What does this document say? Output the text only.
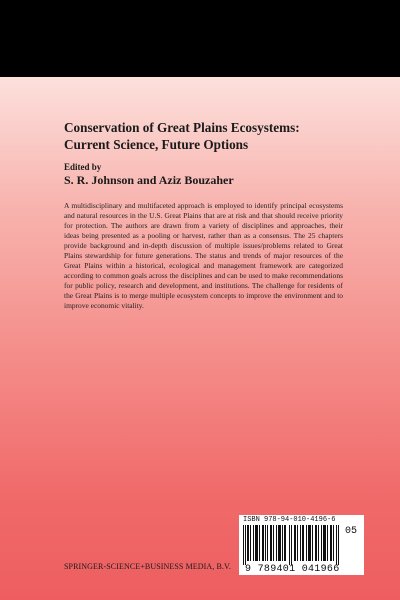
Conservation of Great Plains Ecosystems:
Current Science, Future Options
Edited by
S. R. Johnson and Aziz Bouzaher

A multidisciplinary and multifaceted approach is employed to identify principal ecosystems and natural resources in the U.S. Great Plains that are at risk and that should receive priority for protection. The authors are drawn from a variety of disciplines and approaches, their ideas being presented as a pooling or harvest, rather than as a consensus. The 25 chapters provide background and in-depth discussion of multiple issues/problems related to Great Plains stewardship for future generations. The status and trends of major resources of the Great Plains within a historical, ecological and management framework are categorized according to common goals across the disciplines and can be used to make recommendations for public policy, research and development, and institutions. The challenge for residents of the Great Plains is to merge multiple ecosystem concepts to improve the environment and to improve economic vitality.

SPRINGER-SCIENCE+BUSINESS MEDIA, B.V.
ISBN 978-94-010-4196-6
05
9 789401 041966
